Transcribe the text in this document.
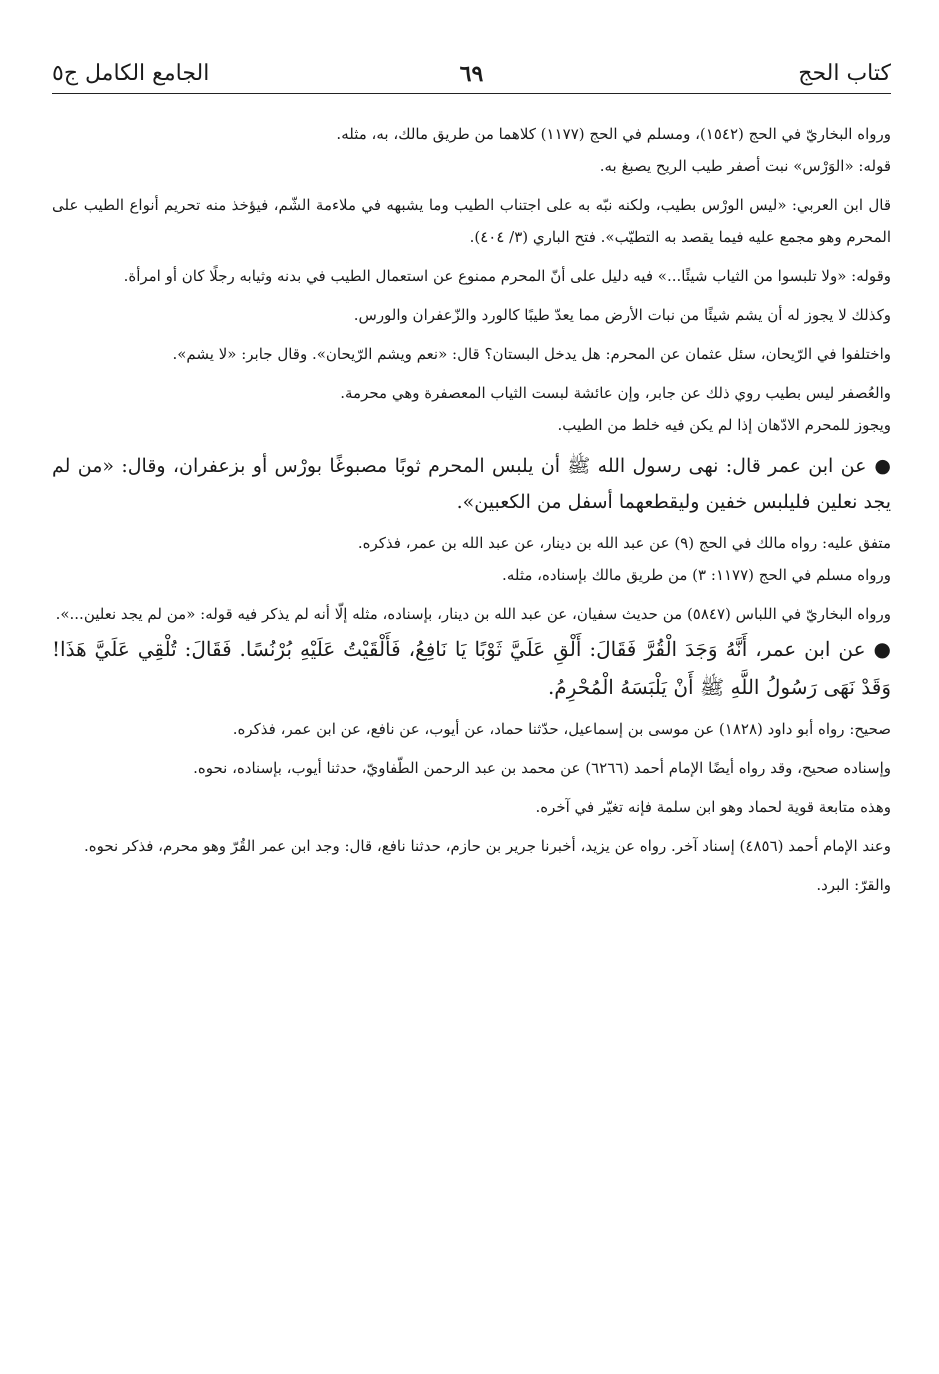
كتاب الحج
٦٩
الجامع الكامل ج٥

ورواه البخاريّ في الحج (١٥٤٢)، ومسلم في الحج (١١٧٧) كلاهما من طريق مالك، به، مثله.

قوله: «الوَرْس» نبت أصفر طيب الريح يصبغ به.

قال ابن العربي: «ليس الورْس بطيب، ولكنه نبّه به على اجتناب الطيب وما يشبهه في ملاءمة الشّم، فيؤخذ منه تحريم أنواع الطيب على المحرم وهو مجمع عليه فيما يقصد به التطيّب». فتح الباري (٣/ ٤٠٤).

وقوله: «ولا تلبسوا من الثياب شيئًا...» فيه دليل على أنّ المحرم ممنوع عن استعمال الطيب في بدنه وثيابه رجلًا كان أو امرأة.

وكذلك لا يجوز له أن يشم شيئًا من نبات الأرض مما يعدّ طيبًا كالورد والزّعفران والورس.

واختلفوا في الرّيحان، سئل عثمان عن المحرم: هل يدخل البستان؟ قال: «نعم ويشم الرّيحان». وقال جابر: «لا يشم».

والعُصفر ليس بطيب روي ذلك عن جابر، وإن عائشة لبست الثياب المعصفرة وهي محرمة.

ويجوز للمحرم الادّهان إذا لم يكن فيه خلط من الطيب.

●عن ابن عمر قال: نهى رسول الله ﷺ أن يلبس المحرم ثوبًا مصبوغًا بورْس أو بزعفران، وقال: «من لم يجد نعلين فليلبس خفين وليقطعهما أسفل من الكعبين».

متفق عليه: رواه مالك في الحج (٩) عن عبد الله بن دينار، عن عبد الله بن عمر، فذكره.

ورواه مسلم في الحج (١١٧٧: ٣) من طريق مالك بإسناده، مثله.

ورواه البخاريّ في اللباس (٥٨٤٧) من حديث سفيان، عن عبد الله بن دينار، بإسناده، مثله إلّا أنه لم يذكر فيه قوله: «من لم يجد نعلين...».

●عن ابن عمر، أَنَّهُ وَجَدَ الْقُرَّ فَقَالَ: أَلْقِ عَلَيَّ ثَوْبًا يَا نَافِعُ، فَأَلْقَيْتُ عَلَيْهِ بُرْنُسًا. فَقَالَ: تُلْقِي عَلَيَّ هَذَا! وَقَدْ نَهَى رَسُولُ اللَّهِ ﷺ أَنْ يَلْبَسَهُ الْمُحْرِمُ.

صحيح: رواه أبو داود (١٨٢٨) عن موسى بن إسماعيل، حدّثنا حماد، عن أيوب، عن نافع، عن ابن عمر، فذكره.

وإسناده صحيح، وقد رواه أيضًا الإمام أحمد (٦٢٦٦) عن محمد بن عبد الرحمن الطّفاويّ، حدثنا أيوب، بإسناده، نحوه.

وهذه متابعة قوية لحماد وهو ابن سلمة فإنه تغيّر في آخره.

وعند الإمام أحمد (٤٨٥٦) إسناد آخر. رواه عن يزيد، أخبرنا جرير بن حازم، حدثنا نافع، قال: وجد ابن عمر القُرّ وهو محرم، فذكر نحوه.

والقرّ: البرد.
